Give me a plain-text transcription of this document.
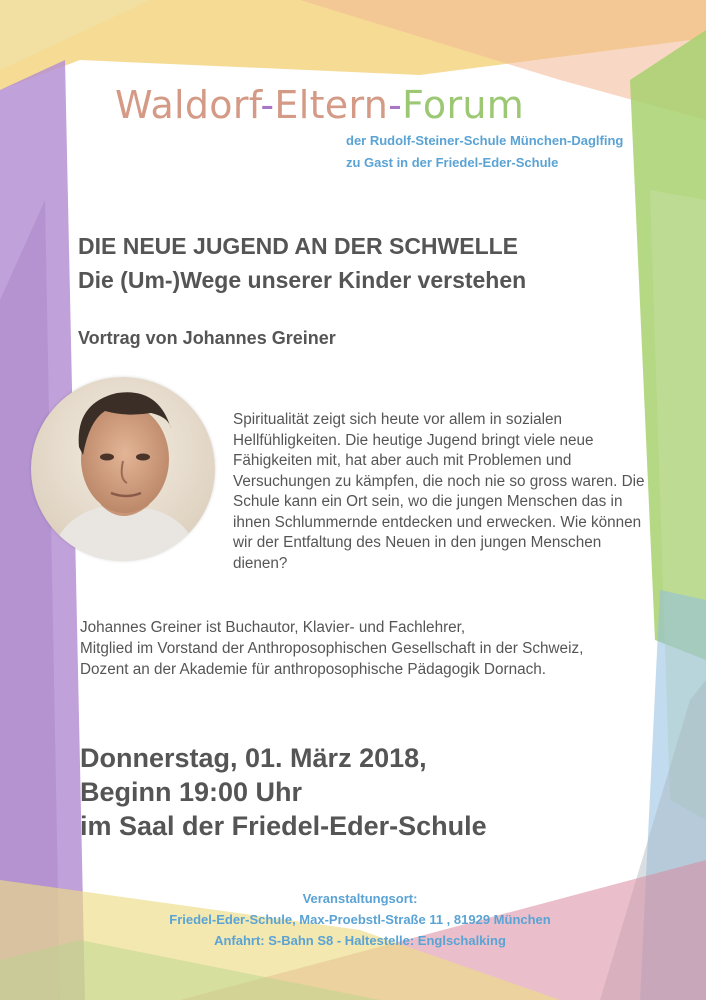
Waldorf-Eltern-Forum
der Rudolf-Steiner-Schule München-Daglfing
zu Gast in der Friedel-Eder-Schule
DIE NEUE JUGEND AN DER SCHWELLE
Die (Um-)Wege unserer Kinder verstehen
Vortrag von Johannes Greiner

Spiritualität zeigt sich heute vor allem in sozialen Hellfühligkeiten. Die heutige Jugend bringt viele neue Fähigkeiten mit, hat aber auch mit Problemen und Versuchungen zu kämpfen, die noch nie so gross waren. Die Schule kann ein Ort sein, wo die jungen Menschen das in ihnen Schlummernde entdecken und erwecken. Wie können wir der Entfaltung des Neuen in den jungen Menschen dienen?

Johannes Greiner ist Buchautor, Klavier- und Fachlehrer,
Mitglied im Vorstand der Anthroposophischen Gesellschaft in der Schweiz,
Dozent an der Akademie für anthroposophische Pädagogik Dornach.
Donnerstag, 01. März 2018,
Beginn 19:00 Uhr
im Saal der Friedel-Eder-Schule
Veranstaltungsort:
Friedel-Eder-Schule, Max-Proebstl-Straße 11 , 81929 München
Anfahrt: S-Bahn S8 - Haltestelle: Englschalking
